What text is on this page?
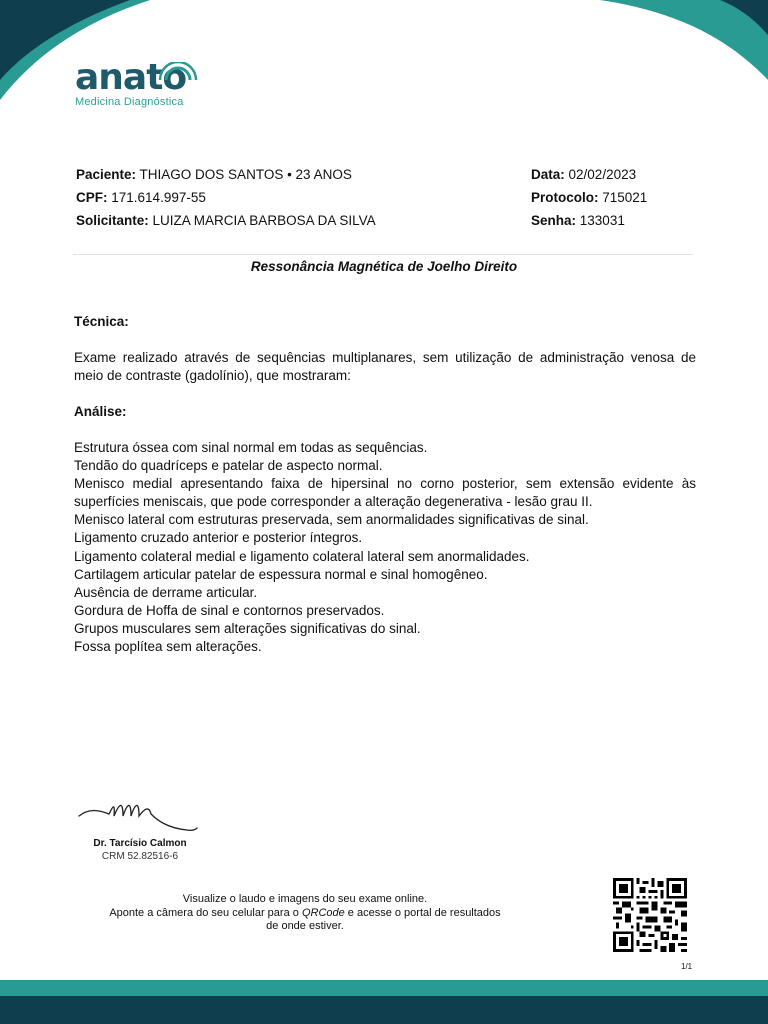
anato
Medicina Diagnóstica
Paciente: THIAGO DOS SANTOS • 23 ANOS
CPF: 171.614.997-55
Solicitante: LUIZA MARCIA BARBOSA DA SILVA
Data: 02/02/2023
Protocolo: 715021
Senha: 133031
Ressonância Magnética de Joelho Direito
Técnica:
Exame realizado através de sequências multiplanares, sem utilização de administração venosa de meio de contraste (gadolínio), que mostraram:
Análise:
Estrutura óssea com sinal normal em todas as sequências.
Tendão do quadríceps e patelar de aspecto normal.
Menisco medial apresentando faixa de hipersinal no corno posterior, sem extensão evidente às superfícies meniscais, que pode corresponder a alteração degenerativa - lesão grau II.
Menisco lateral com estruturas preservada, sem anormalidades significativas de sinal.
Ligamento cruzado anterior e posterior íntegros.
Ligamento colateral medial e ligamento colateral lateral sem anormalidades.
Cartilagem articular patelar de espessura normal e sinal homogêneo.
Ausência de derrame articular.
Gordura de Hoffa de sinal e contornos preservados.
Grupos musculares sem alterações significativas do sinal.
Fossa poplítea sem alterações.
Dr. Tarcísio Calmon
CRM 52.82516-6
Visualize o laudo e imagens do seu exame online.
Aponte a câmera do seu celular para o QRCode e acesse o portal de resultados
de onde estiver.
1/1
